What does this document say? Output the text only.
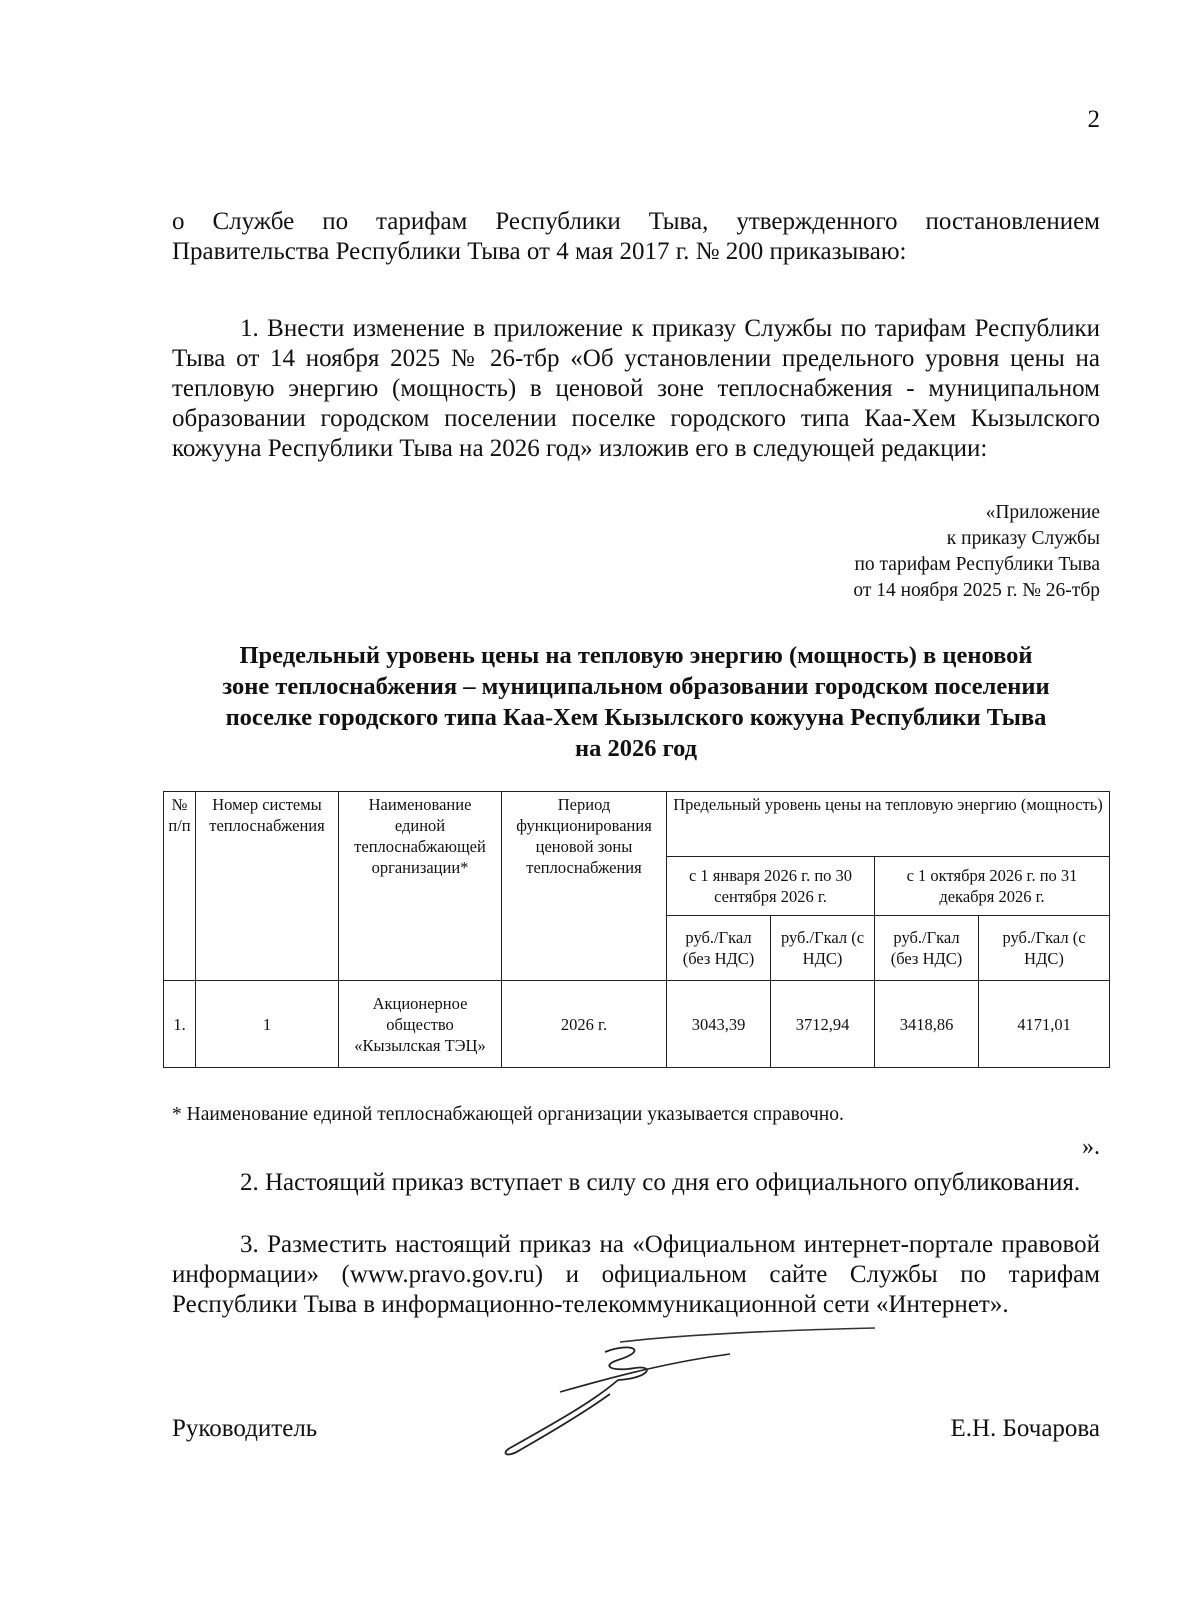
2
о Службе по тарифам Республики Тыва, утвержденного постановлением Правительства Республики Тыва от 4 мая 2017 г. № 200 приказываю:
1. Внести изменение в приложение к приказу Службы по тарифам Республики Тыва от 14 ноября 2025 № 26-тбр «Об установлении предельного уровня цены на тепловую энергию (мощность) в ценовой зоне теплоснабжения - муниципальном образовании городском поселении поселке городского типа Каа-Хем Кызылского кожууна Республики Тыва на 2026 год» изложив его в следующей редакции:
«Приложение
к приказу Службы
по тарифам Республики Тыва
от 14 ноября 2025 г. № 26-тбр
Предельный уровень цены на тепловую энергию (мощность) в ценовой
зоне теплоснабжения – муниципальном образовании городском поселении
поселке городского типа Каа-Хем Кызылского кожууна Республики Тыва
на 2026 год
№ п/п	Номер системы теплоснабжения	Наименование единой теплоснабжающей организации*	Период функционирования ценовой зоны теплоснабжения	Предельный уровень цены на тепловую энергию (мощность)			
				с 1 января 2026 г. по 30 сентября 2026 г.		с 1 октября 2026 г. по 31 декабря 2026 г.	
				руб./Гкал (без НДС)	руб./Гкал (с НДС)	руб./Гкал (без НДС)	руб./Гкал (с НДС)
1.	1	Акционерное общество «Кызылская ТЭЦ»	2026 г.	3043,39	3712,94	3418,86	4171,01
* Наименование единой теплоснабжающей организации указывается справочно.
».
2. Настоящий приказ вступает в силу со дня его официального опубликования.
3. Разместить настоящий приказ на «Официальном интернет-портале правовой информации» (www.pravo.gov.ru) и официальном сайте Службы по тарифам Республики Тыва в информационно-телекоммуникационной сети «Интернет».
Руководитель	Е.Н. Бочарова
